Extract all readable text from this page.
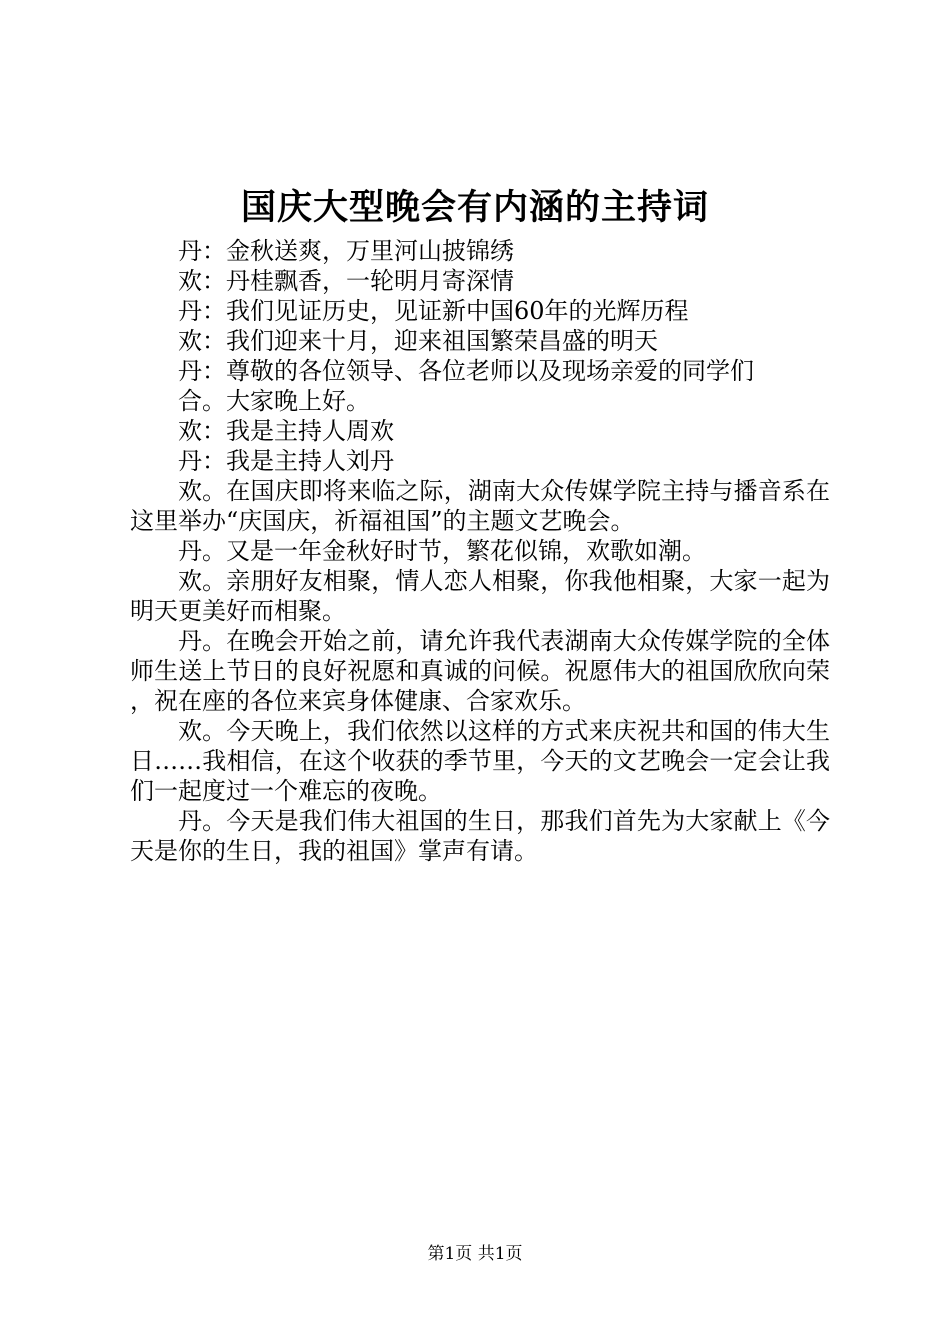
国庆大型晚会有内涵的主持词

丹：金秋送爽，万里河山披锦绣

欢：丹桂飘香，一轮明月寄深情

丹：我们见证历史，见证新中国60年的光辉历程

欢：我们迎来十月，迎来祖国繁荣昌盛的明天

丹：尊敬的各位领导、各位老师以及现场亲爱的同学们

合。大家晚上好。

欢：我是主持人周欢

丹：我是主持人刘丹

欢。在国庆即将来临之际，湖南大众传媒学院主持与播音系在这里举办“庆国庆，祈福祖国”的主题文艺晚会。

丹。又是一年金秋好时节，繁花似锦，欢歌如潮。

欢。亲朋好友相聚，情人恋人相聚，你我他相聚，大家一起为明天更美好而相聚。

丹。在晚会开始之前，请允许我代表湖南大众传媒学院的全体师生送上节日的良好祝愿和真诚的问候。祝愿伟大的祖国欣欣向荣，祝在座的各位来宾身体健康、合家欢乐。

欢。今天晚上，我们依然以这样的方式来庆祝共和国的伟大生日……我相信，在这个收获的季节里，今天的文艺晚会一定会让我们一起度过一个难忘的夜晚。

丹。今天是我们伟大祖国的生日，那我们首先为大家献上《今天是你的生日，我的祖国》掌声有请。

第1页 共1页
